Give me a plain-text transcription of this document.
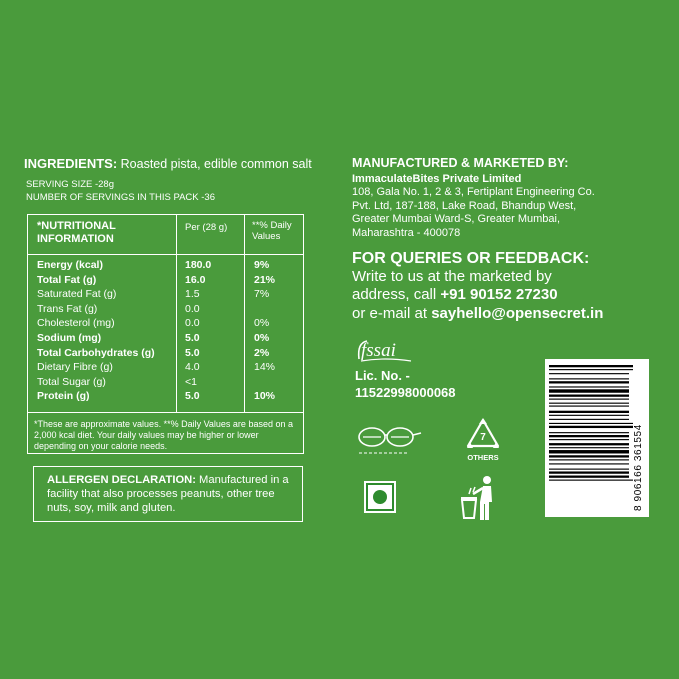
INGREDIENTS: Roasted pista, edible common salt
SERVING SIZE -28g
NUMBER OF SERVINGS IN THIS PACK -36
*NUTRITIONAL
INFORMATION
Per (28 g)	**% Daily
Values
Energy (kcal)	180.0	9%
Total Fat (g)	16.0	21%
Saturated Fat (g)	1.5	7%
Trans Fat (g)	0.0
Cholesterol (mg)	0.0	0%
Sodium (mg)	5.0	0%
Total Carbohydrates (g)	5.0	2%
Dietary Fibre (g)	4.0	14%
Total Sugar (g)	<1
Protein (g)	5.0	10%
*These are approximate values. **% Daily Values are based on a 2,000 kcal diet. Your daily values may be higher or lower depending on your calorie needs.
ALLERGEN DECLARATION: Manufactured in a facility that also processes peanuts, other tree nuts, soy, milk and gluten.
MANUFACTURED & MARKETED BY:
ImmaculateBites Private Limited
108, Gala No. 1, 2 & 3, Fertiplant Engineering Co.
Pvt. Ltd, 187-188, Lake Road, Bhandup West,
Greater Mumbai Ward-S, Greater Mumbai,
Maharashtra - 400078
FOR QUERIES OR FEEDBACK:
Write to us at the marketed by
address, call +91 90152 27230
or e-mail at sayhello@opensecret.in
fssai
Lic. No. -
11522998000068
7
OTHERS	8 906166 361554
